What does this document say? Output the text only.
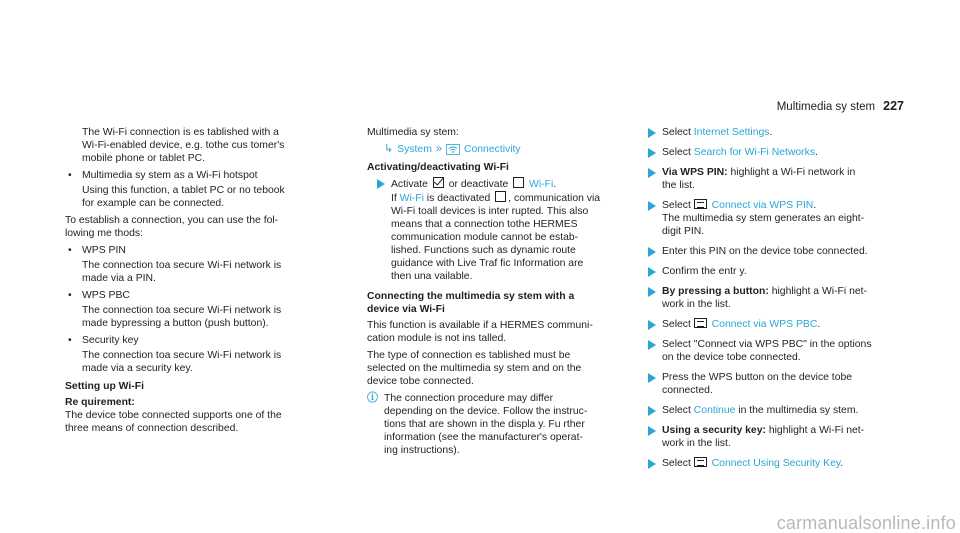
Multimedia sy stem 227
The Wi-Fi connection is es tablished with a
Wi-Fi-enabled device, e.g. tothe cus tomer's
mobile phone or tablet PC.
• Multimedia sy stem as a Wi-Fi hotspot
Using this function, a tablet PC or no tebook
for example can be connected.
To establish a connection, you can use the fol‐
lowing me thods:
• WPS PIN
The connection toa secure Wi-Fi network is
made via a PIN.
• WPS PBC
The connection toa secure Wi-Fi network is
made bypressing a button (push button).
• Security key
The connection toa secure Wi-Fi network is
made via a security key.
Setting up Wi-Fi
Re quirement:
The device tobe connected supports one of the
three means of connection described.
Multimedia sy stem:
↳ System » Connectivity
Activating/deactivating Wi-Fi
Activate or deactivate Wi-Fi.
If Wi-Fi is deactivated , communication via
Wi-Fi toall devices is inter rupted. This also
means that a connection tothe HERMES
communication module cannot be estab‐
lished. Functions such as dynamic route
guidance with Live Traf fic Information are
then una vailable.
Connecting the multimedia sy stem with a
device via Wi-Fi
This function is available if a HERMES communi‐
cation module is not ins talled.
The type of connection es tablished must be
selected on the multimedia sy stem and on the
device tobe connected.
ⓘ The connection procedure may differ
depending on the device. Follow the instruc‐
tions that are shown in the displa y. Fu rther
information (see the manufacturer's operat‐
ing instructions).
Select Internet Settings.
Select Search for Wi-Fi Networks.
Via WPS PIN: highlight a Wi-Fi network in
the list.
Select Connect via WPS PIN.
The multimedia sy stem generates an eight-
digit PIN.
Enter this PIN on the device tobe connected.
Confirm the entr y.
By pressing a button: highlight a Wi-Fi net‐
work in the list.
Select Connect via WPS PBC.
Select "Connect via WPS PBC" in the options
on the device tobe connected.
Press the WPS button on the device tobe
connected.
Select Continue in the multimedia sy stem.
Using a security key: highlight a Wi-Fi net‐
work in the list.
Select Connect Using Security Key.
carmanualsonline.info
